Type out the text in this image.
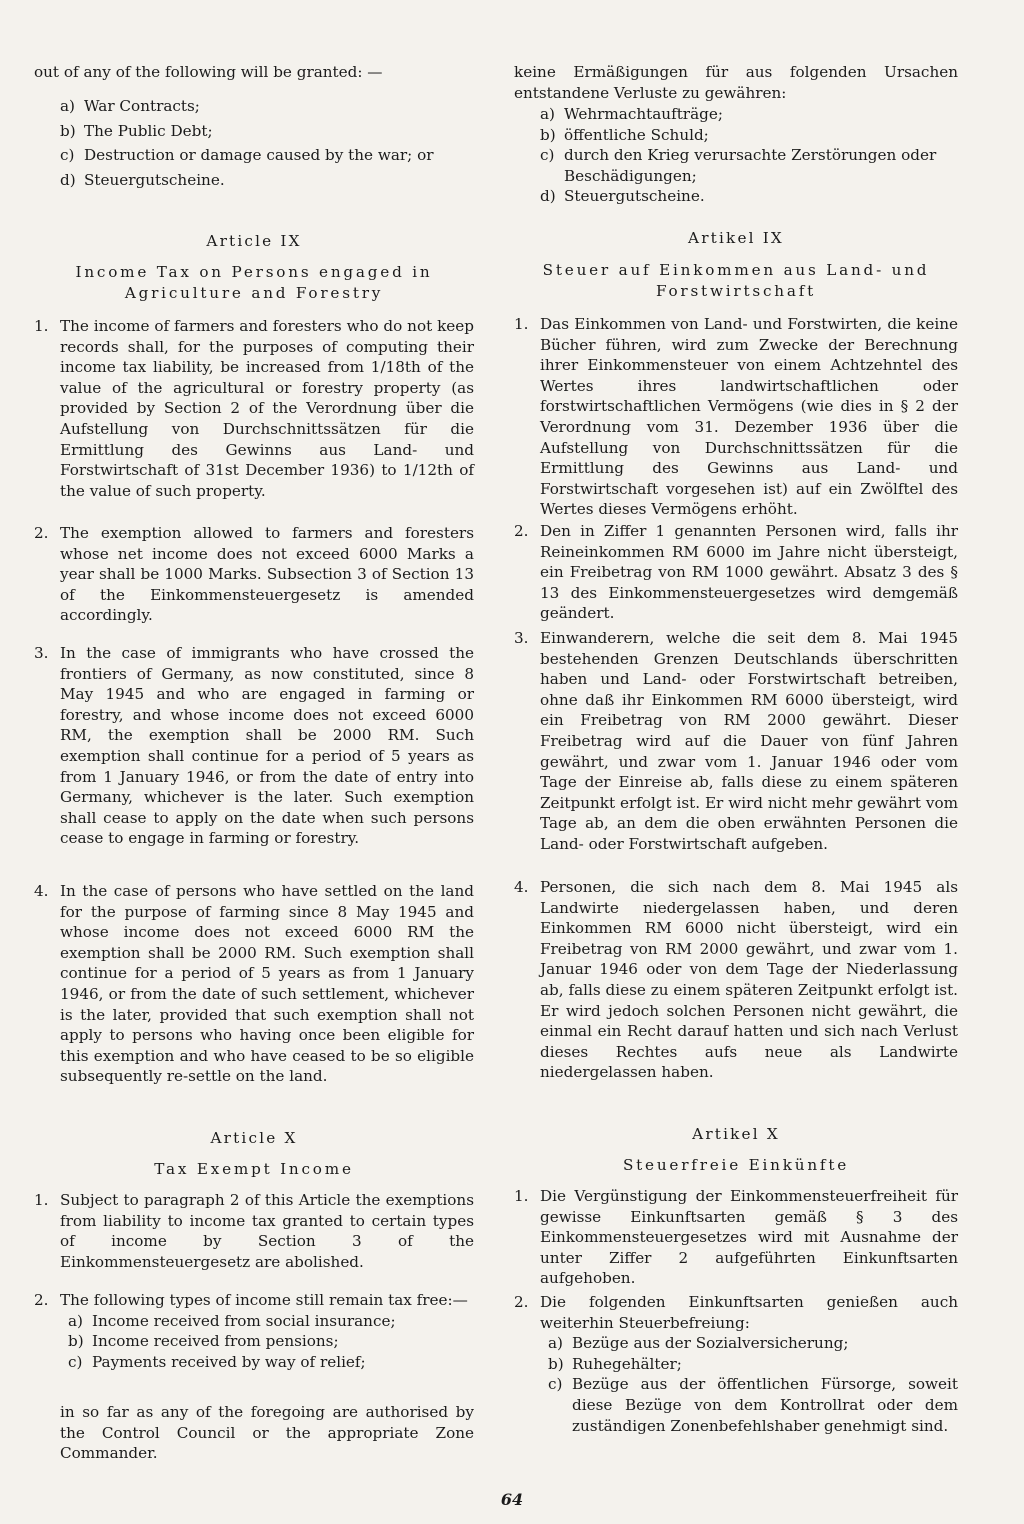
out of any of the following will be granted: —
a) War Contracts;
b) The Public Debt;
c) Destruction or damage caused by the war; or
d) Steuergutscheine.
Article IX
Income Tax on Persons engaged in Agriculture and Forestry
1. The income of farmers and foresters who do not keep records shall, for the purposes of computing their income tax liability, be increased from 1/18th of the value of the agricultural or forestry property (as provided by Section 2 of the Verordnung über die Aufstellung von Durchschnittssätzen für die Ermittlung des Gewinns aus Land- und Forstwirtschaft of 31st December 1936) to 1/12th of the value of such property.
2. The exemption allowed to farmers and foresters whose net income does not exceed 6000 Marks a year shall be 1000 Marks. Subsection 3 of Section 13 of the Einkommensteuergesetz is amended accordingly.
3. In the case of immigrants who have crossed the frontiers of Germany, as now constituted, since 8 May 1945 and who are engaged in farming or forestry, and whose income does not exceed 6000 RM, the exemption shall be 2000 RM. Such exemption shall continue for a period of 5 years as from 1 January 1946, or from the date of entry into Germany, whichever is the later. Such exemption shall cease to apply on the date when such persons cease to engage in farming or forestry.
4. In the case of persons who have settled on the land for the purpose of farming since 8 May 1945 and whose income does not exceed 6000 RM the exemption shall be 2000 RM. Such exemption shall continue for a period of 5 years as from 1 January 1946, or from the date of such settlement, whichever is the later, provided that such exemption shall not apply to persons who having once been eligible for this exemption and who have ceased to be so eligible subsequently re-settle on the land.
Article X
Tax Exempt Income
1. Subject to paragraph 2 of this Article the exemptions from liability to income tax granted to certain types of income by Section 3 of the Einkommensteuergesetz are abolished.
2. The following types of income still remain tax free:—
a) Income received from social insurance;
b) Income received from pensions;
c) Payments received by way of relief;
in so far as any of the foregoing are authorised by the Control Council or the appropriate Zone Commander.
keine Ermäßigungen für aus folgenden Ursachen entstandene Verluste zu gewähren:
a) Wehrmachtaufträge;
b) öffentliche Schuld;
c) durch den Krieg verursachte Zerstörungen oder Beschädigungen;
d) Steuergutscheine.
Artikel IX
Steuer auf Einkommen aus Land- und Forstwirtschaft
1. Das Einkommen von Land- und Forstwirten, die keine Bücher führen, wird zum Zwecke der Berechnung ihrer Einkommensteuer von einem Achtzehntel des Wertes ihres landwirtschaftlichen oder forstwirtschaftlichen Vermögens (wie dies in § 2 der Verordnung vom 31. Dezember 1936 über die Aufstellung von Durchschnittssätzen für die Ermittlung des Gewinns aus Land- und Forstwirtschaft vorgesehen ist) auf ein Zwölftel des Wertes dieses Vermögens erhöht.
2. Den in Ziffer 1 genannten Personen wird, falls ihr Reineinkommen RM 6000 im Jahre nicht übersteigt, ein Freibetrag von RM 1000 gewährt. Absatz 3 des § 13 des Einkommensteuergesetzes wird demgemäß geändert.
3. Einwanderern, welche die seit dem 8. Mai 1945 bestehenden Grenzen Deutschlands überschritten haben und Land- oder Forstwirtschaft betreiben, ohne daß ihr Einkommen RM 6000 übersteigt, wird ein Freibetrag von RM 2000 gewährt. Dieser Freibetrag wird auf die Dauer von fünf Jahren gewährt, und zwar vom 1. Januar 1946 oder vom Tage der Einreise ab, falls diese zu einem späteren Zeitpunkt erfolgt ist. Er wird nicht mehr gewährt vom Tage ab, an dem die oben erwähnten Personen die Land- oder Forstwirtschaft aufgeben.
4. Personen, die sich nach dem 8. Mai 1945 als Landwirte niedergelassen haben, und deren Einkommen RM 6000 nicht übersteigt, wird ein Freibetrag von RM 2000 gewährt, und zwar vom 1. Januar 1946 oder von dem Tage der Niederlassung ab, falls diese zu einem späteren Zeitpunkt erfolgt ist. Er wird jedoch solchen Personen nicht gewährt, die einmal ein Recht darauf hatten und sich nach Verlust dieses Rechtes aufs neue als Landwirte niedergelassen haben.
Artikel X
Steuerfreie Einkünfte
1. Die Vergünstigung der Einkommensteuerfreiheit für gewisse Einkunftsarten gemäß § 3 des Einkommensteuergesetzes wird mit Ausnahme der unter Ziffer 2 aufgeführten Einkunftsarten aufgehoben.
2. Die folgenden Einkunftsarten genießen auch weiterhin Steuerbefreiung:
a) Bezüge aus der Sozialversicherung;
b) Ruhegehälter;
c) Bezüge aus der öffentlichen Fürsorge, soweit diese Bezüge von dem Kontrollrat oder dem zuständigen Zonenbefehlshaber genehmigt sind.
64
